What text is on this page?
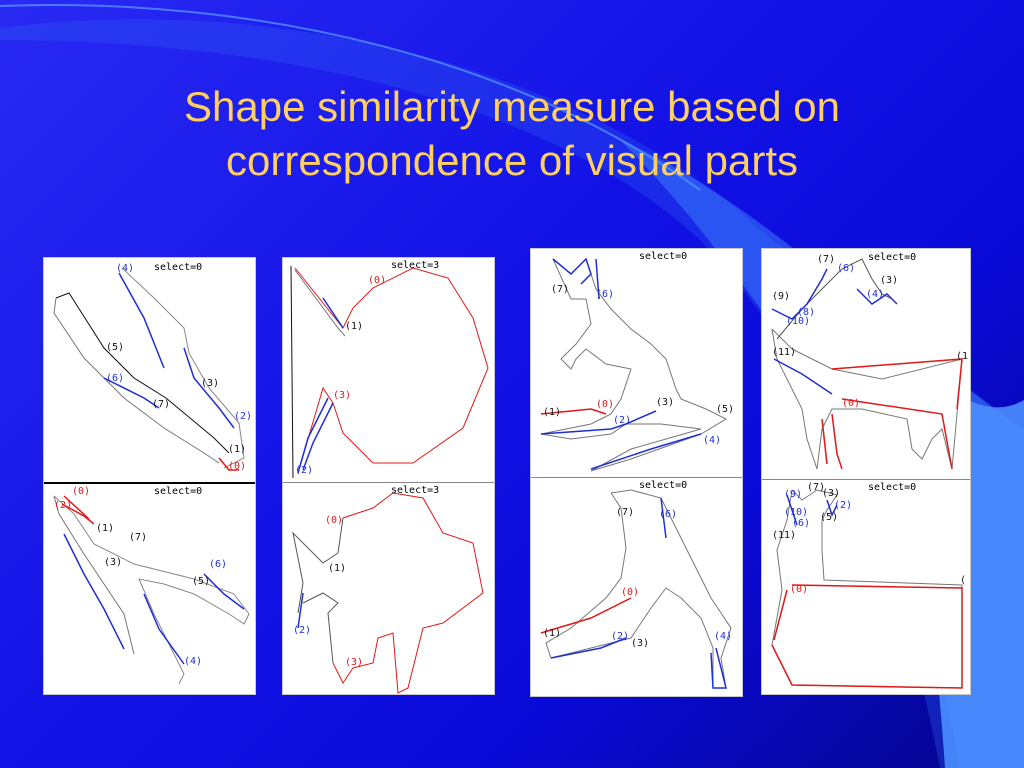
Shape similarity measure based on
correspondence of visual parts
select=0
(4)
(5)
(6)
(7)
(3)
(2)
(1)
(0)
select=0
(0)
(2)
(1)
(7)
(3)	(6)
(5)
(4)
select=3
(0)
(1)
(3)
(2)
select=3
(0)
(1)
(2)
(3)
select=0
(7)	(6)
(1)
(0)
(2)
(3)
(5)
(4)
select=0
(7) (6)
(0)
(1)	(2)
(3)
(4)
select=0
(7)
(6)
(3)
(9)
(8)
(10)
(4)
(11)
(0)
(1
select=0
(7)
(9) (3)
(10)
(2)
(6)
(5)
(11)
(0)
(
